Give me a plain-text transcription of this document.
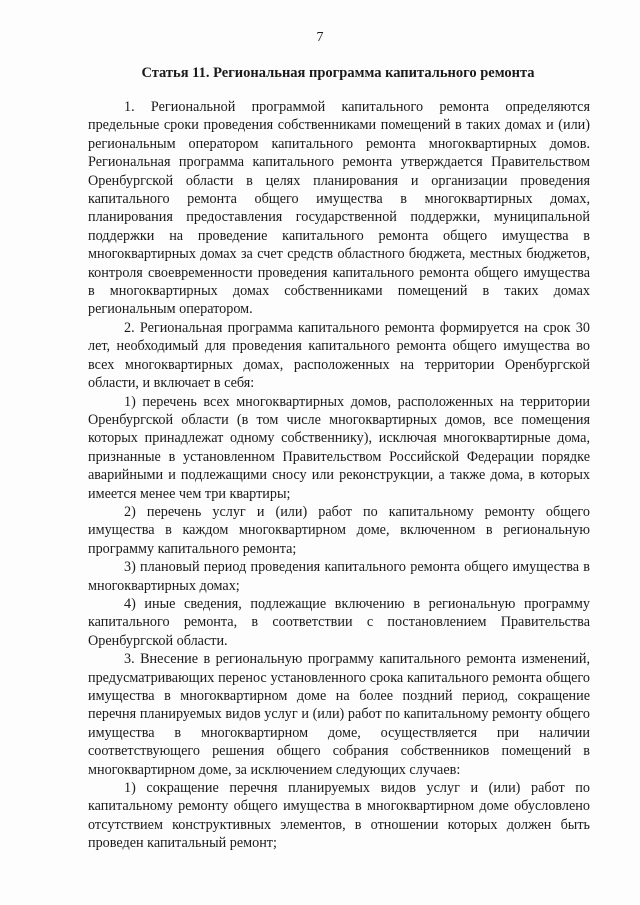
7
Статья 11. Региональная программа капитального ремонта

1. Региональной программой капитального ремонта определяются предельные сроки проведения собственниками помещений в таких домах и (или) региональным оператором капитального ремонта многоквартирных домов. Региональная программа капитального ремонта утверждается Правительством Оренбургской области в целях планирования и организации проведения капитального ремонта общего имущества в многоквартирных домах, планирования предоставления государственной поддержки, муниципальной поддержки на проведение капитального ремонта общего имущества в многоквартирных домах за счет средств областного бюджета, местных бюджетов, контроля своевременности проведения капитального ремонта общего имущества в многоквартирных домах собственниками помещений в таких домах региональным оператором.

2. Региональная программа капитального ремонта формируется на срок 30 лет, необходимый для проведения капитального ремонта общего имущества во всех многоквартирных домах, расположенных на территории Оренбургской области, и включает в себя:

1) перечень всех многоквартирных домов, расположенных на территории Оренбургской области (в том числе многоквартирных домов, все помещения которых принадлежат одному собственнику), исключая многоквартирные дома, признанные в установленном Правительством Российской Федерации порядке аварийными и подлежащими сносу или реконструкции, а также дома, в которых имеется менее чем три квартиры;

2) перечень услуг и (или) работ по капитальному ремонту общего имущества в каждом многоквартирном доме, включенном в региональную программу капитального ремонта;

3) плановый период проведения капитального ремонта общего имущества в многоквартирных домах;

4) иные сведения, подлежащие включению в региональную программу капитального ремонта, в соответствии с постановлением Правительства Оренбургской области.

3. Внесение в региональную программу капитального ремонта изменений, предусматривающих перенос установленного срока капитального ремонта общего имущества в многоквартирном доме на более поздний период, сокращение перечня планируемых видов услуг и (или) работ по капитальному ремонту общего имущества в многоквартирном доме, осуществляется при наличии соответствующего решения общего собрания собственников помещений в многоквартирном доме, за исключением следующих случаев:

1) сокращение перечня планируемых видов услуг и (или) работ по капитальному ремонту общего имущества в многоквартирном доме обусловлено отсутствием конструктивных элементов, в отношении которых должен быть проведен капитальный ремонт;
